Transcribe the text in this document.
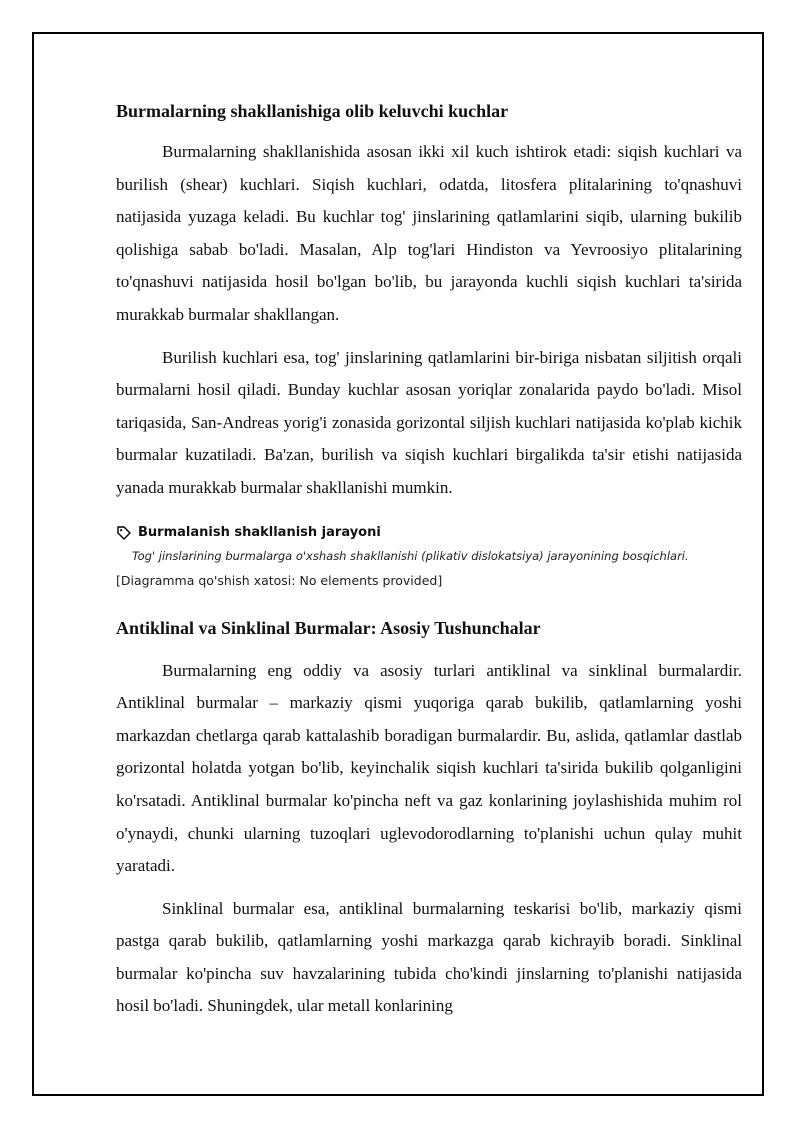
Burmalarning shakllanishiga olib keluvchi kuchlar

Burmalarning shakllanishida asosan ikki xil kuch ishtirok etadi: siqish kuchlari va burilish (shear) kuchlari. Siqish kuchlari, odatda, litosfera plitalarining to'qnashuvi natijasida yuzaga keladi. Bu kuchlar tog' jinslarining qatlamlarini siqib, ularning bukilib qolishiga sabab bo'ladi. Masalan, Alp tog'lari Hindiston va Yevroosiyo plitalarining to'qnashuvi natijasida hosil bo'lgan bo'lib, bu jarayonda kuchli siqish kuchlari ta'sirida murakkab burmalar shakllangan.

Burilish kuchlari esa, tog' jinslarining qatlamlarini bir-biriga nisbatan siljitish orqali burmalarni hosil qiladi. Bunday kuchlar asosan yoriqlar zonalarida paydo bo'ladi. Misol tariqasida, San-Andreas yorig'i zonasida gorizontal siljish kuchlari natijasida ko'plab kichik burmalar kuzatiladi. Ba'zan, burilish va siqish kuchlari birgalikda ta'sir etishi natijasida yanada murakkab burmalar shakllanishi mumkin.

Burmalanish shakllanish jarayoni
Tog' jinslarining burmalarga o'xshash shakllanishi (plikativ dislokatsiya) jarayonining bosqichlari.
[Diagramma qo'shish xatosi: No elements provided]
Antiklinal va Sinklinal Burmalar: Asosiy Tushunchalar

Burmalarning eng oddiy va asosiy turlari antiklinal va sinklinal burmalardir. Antiklinal burmalar – markaziy qismi yuqoriga qarab bukilib, qatlamlarning yoshi markazdan chetlarga qarab kattalashib boradigan burmalardir. Bu, aslida, qatlamlar dastlab gorizontal holatda yotgan bo'lib, keyinchalik siqish kuchlari ta'sirida bukilib qolganligini ko'rsatadi. Antiklinal burmalar ko'pincha neft va gaz konlarining joylashishida muhim rol o'ynaydi, chunki ularning tuzoqlari uglevodorodlarning to'planishi uchun qulay muhit yaratadi.

Sinklinal burmalar esa, antiklinal burmalarning teskarisi bo'lib, markaziy qismi pastga qarab bukilib, qatlamlarning yoshi markazga qarab kichrayib boradi. Sinklinal burmalar ko'pincha suv havzalarining tubida cho'kindi jinslarning to'planishi natijasida hosil bo'ladi. Shuningdek, ular metall konlarining
